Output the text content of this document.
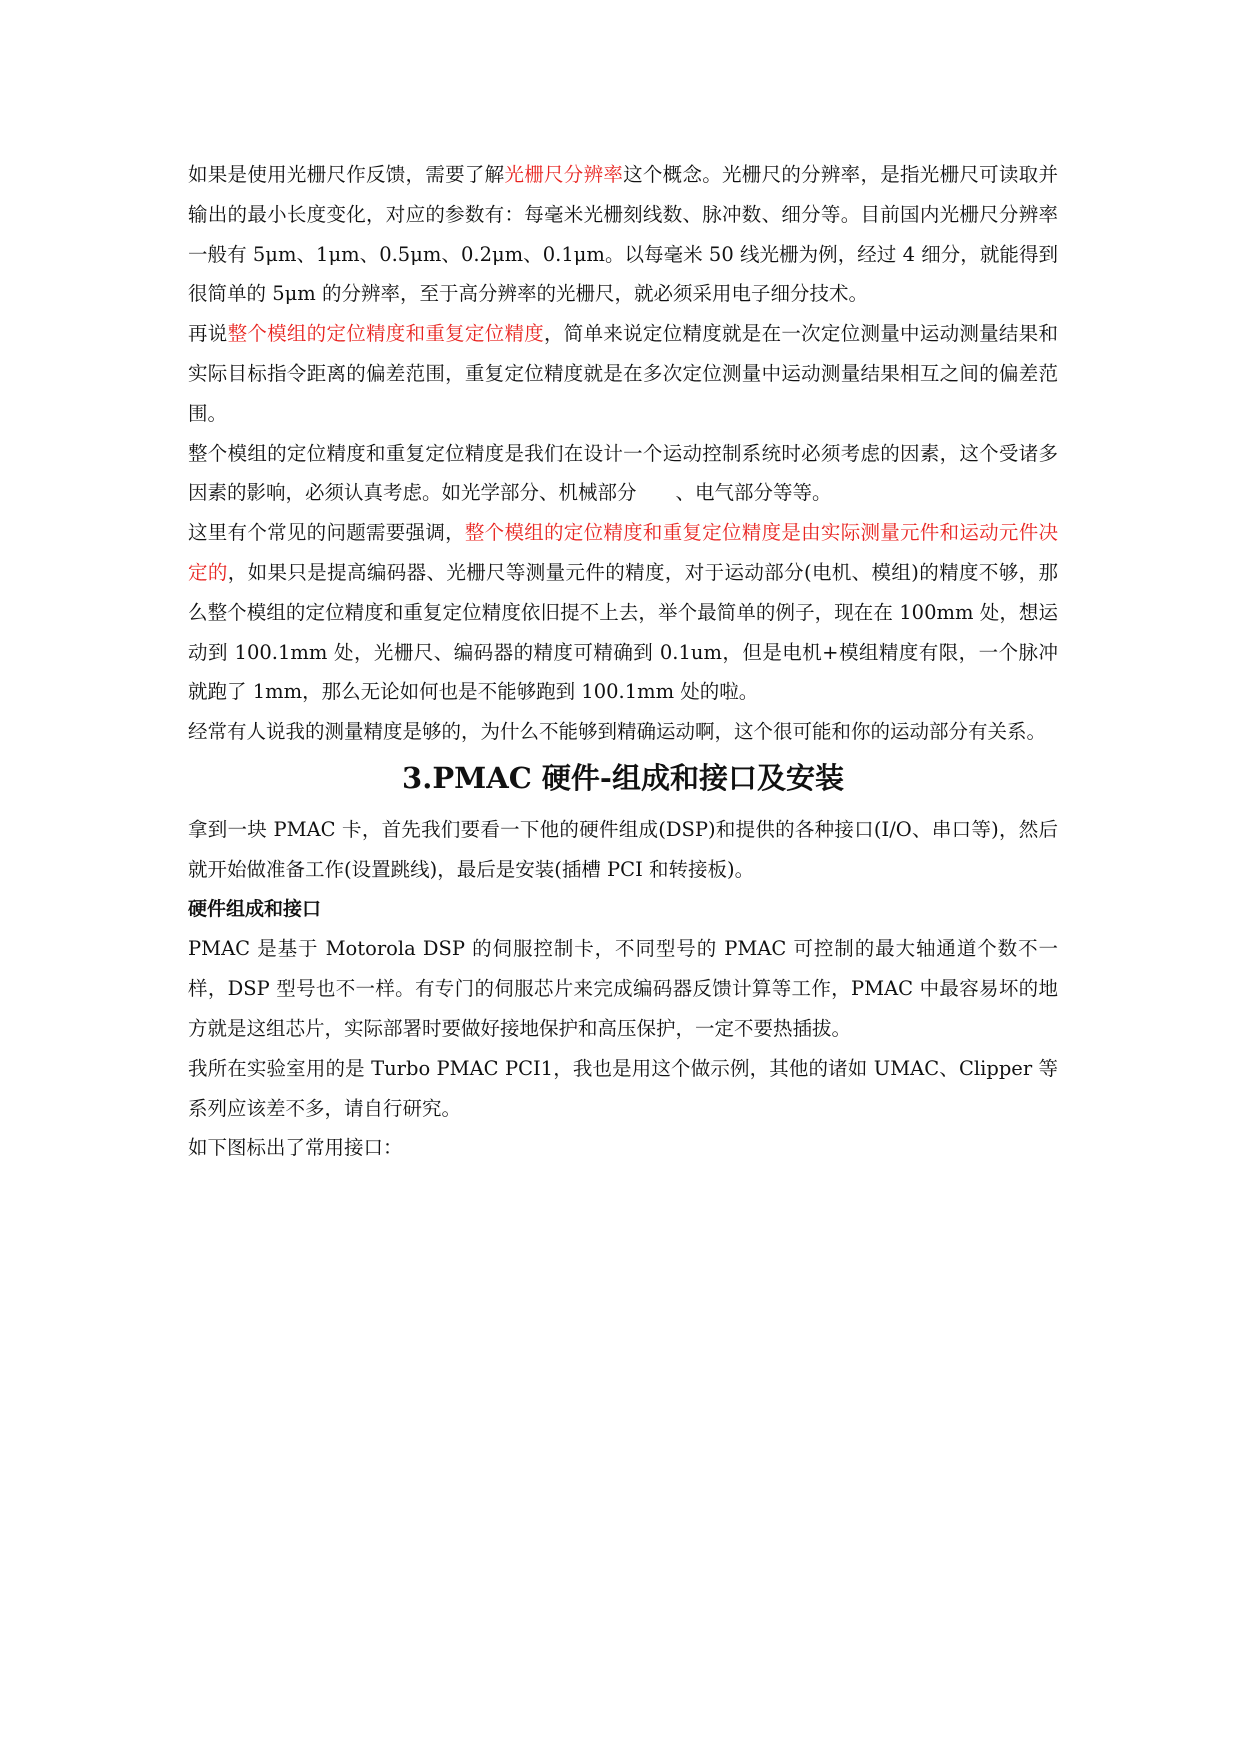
如果是使用光栅尺作反馈，需要了解光栅尺分辨率这个概念。光栅尺的分辨率，是指光栅尺可读取并输出的最小长度变化，对应的参数有：每毫米光栅刻线数、脉冲数、细分等。目前国内光栅尺分辨率一般有 5μm、1μm、0.5μm、0.2μm、0.1μm。以每毫米 50 线光栅为例，经过 4 细分，就能得到很简单的 5μm 的分辨率，至于高分辨率的光栅尺，就必须采用电子细分技术。

再说整个模组的定位精度和重复定位精度，简单来说定位精度就是在一次定位测量中运动测量结果和实际目标指令距离的偏差范围，重复定位精度就是在多次定位测量中运动测量结果相互之间的偏差范围。

整个模组的定位精度和重复定位精度是我们在设计一个运动控制系统时必须考虑的因素，这个受诸多因素的影响，必须认真考虑。如光学部分、机械部分　　、电气部分等等。

这里有个常见的问题需要强调，整个模组的定位精度和重复定位精度是由实际测量元件和运动元件决定的，如果只是提高编码器、光栅尺等测量元件的精度，对于运动部分(电机、模组)的精度不够，那么整个模组的定位精度和重复定位精度依旧提不上去，举个最简单的例子，现在在 100mm 处，想运动到 100.1mm 处，光栅尺、编码器的精度可精确到 0.1um，但是电机+模组精度有限，一个脉冲就跑了 1mm，那么无论如何也是不能够跑到 100.1mm 处的啦。

经常有人说我的测量精度是够的，为什么不能够到精确运动啊，这个很可能和你的运动部分有关系。

3.PMAC 硬件-组成和接口及安装

拿到一块 PMAC 卡，首先我们要看一下他的硬件组成(DSP)和提供的各种接口(I/O、串口等)，然后就开始做准备工作(设置跳线)，最后是安装(插槽 PCI 和转接板)。

硬件组成和接口

PMAC 是基于 Motorola DSP 的伺服控制卡，不同型号的 PMAC 可控制的最大轴通道个数不一样，DSP 型号也不一样。有专门的伺服芯片来完成编码器反馈计算等工作，PMAC 中最容易坏的地方就是这组芯片，实际部署时要做好接地保护和高压保护，一定不要热插拔。

我所在实验室用的是 Turbo PMAC PCI1，我也是用这个做示例，其他的诸如 UMAC、Clipper 等系列应该差不多，请自行研究。

如下图标出了常用接口：
